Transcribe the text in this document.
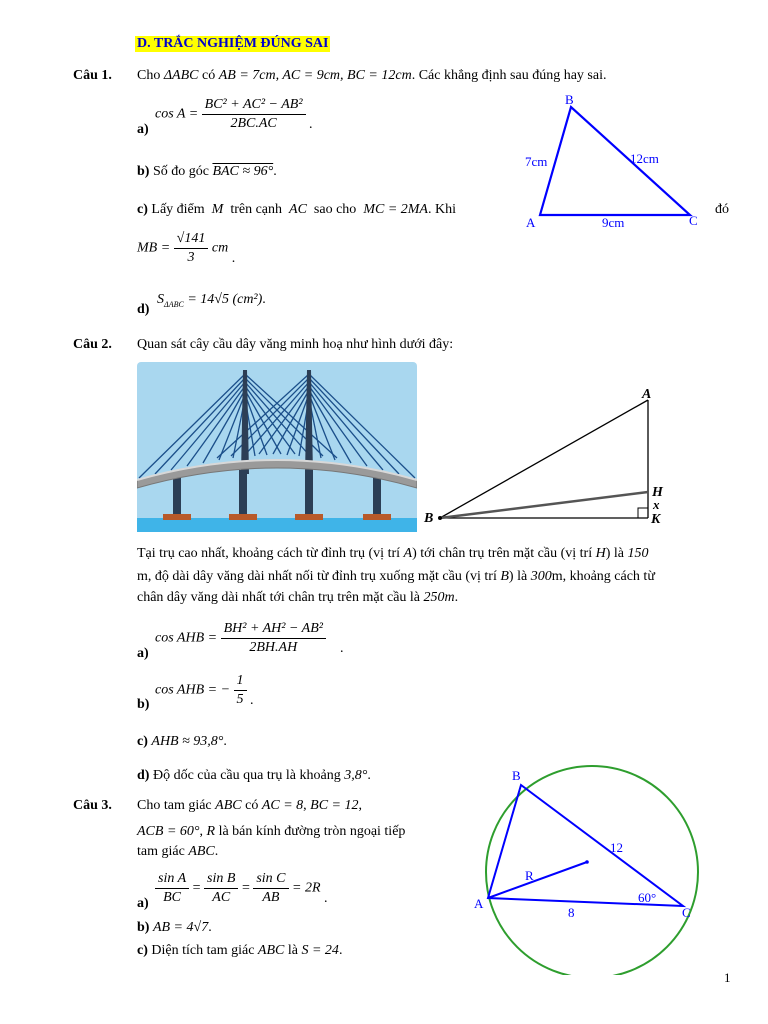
D. TRẮC NGHIỆM ĐÚNG SAI
Câu 1. Cho ΔABC có AB = 7cm, AC = 9cm, BC = 12cm. Các khẳng định sau đúng hay sai.
a)
$\cos A = \frac{\text{BC² + AC² − AB²}}{2BC.AC}$ .
b) Số đo góc BAC ≈ 96°.
c) Lấy điểm M trên cạnh AC sao cho MC = 2MA. Khi	đó
MB = $\frac{√141}{3}$ cm .
d)
$S_{\Delta ABC} = 14√5$ (cm²).
A
B
C
7cm	12cm
9cm
Câu 2. Quan sát cây cầu dây văng minh hoạ như hình dưới đây:
A
B
H
x
K
Tại trụ cao nhất, khoảng cách từ đỉnh trụ (vị trí A) tới chân trụ trên mặt cầu (vị trí H) là 150
m, độ dài dây văng dài nhất nối từ đỉnh trụ xuống mặt cầu (vị trí B) là 300m, khoảng cách từ
chân dây văng dài nhất tới chân trụ trên mặt cầu là 250m.
a)
cos AHB = $\frac{\text{BH² + AH² − AB²}}{2BH.AH}$ .
b)
cos AHB = − $\frac{1}{5}$ .
c) AHB ≈ 93,8°.
d) Độ dốc của cầu qua trụ là khoảng 3,8°.
Câu 3. Cho tam giác ABC có AC = 8, BC = 12,
ACB = 60°, R là bán kính đường tròn ngoại tiếp
tam giác ABC.
$a) \frac{\text{sin A}}{BC} = \frac{\text{sin B}}{AC} = \frac{\text{sin C}}{AB} = 2R$ .
b) AB = 4√7.
c) Diện tích tam giác ABC là S = 24.
B
A
C
R
12
8
60°
1
